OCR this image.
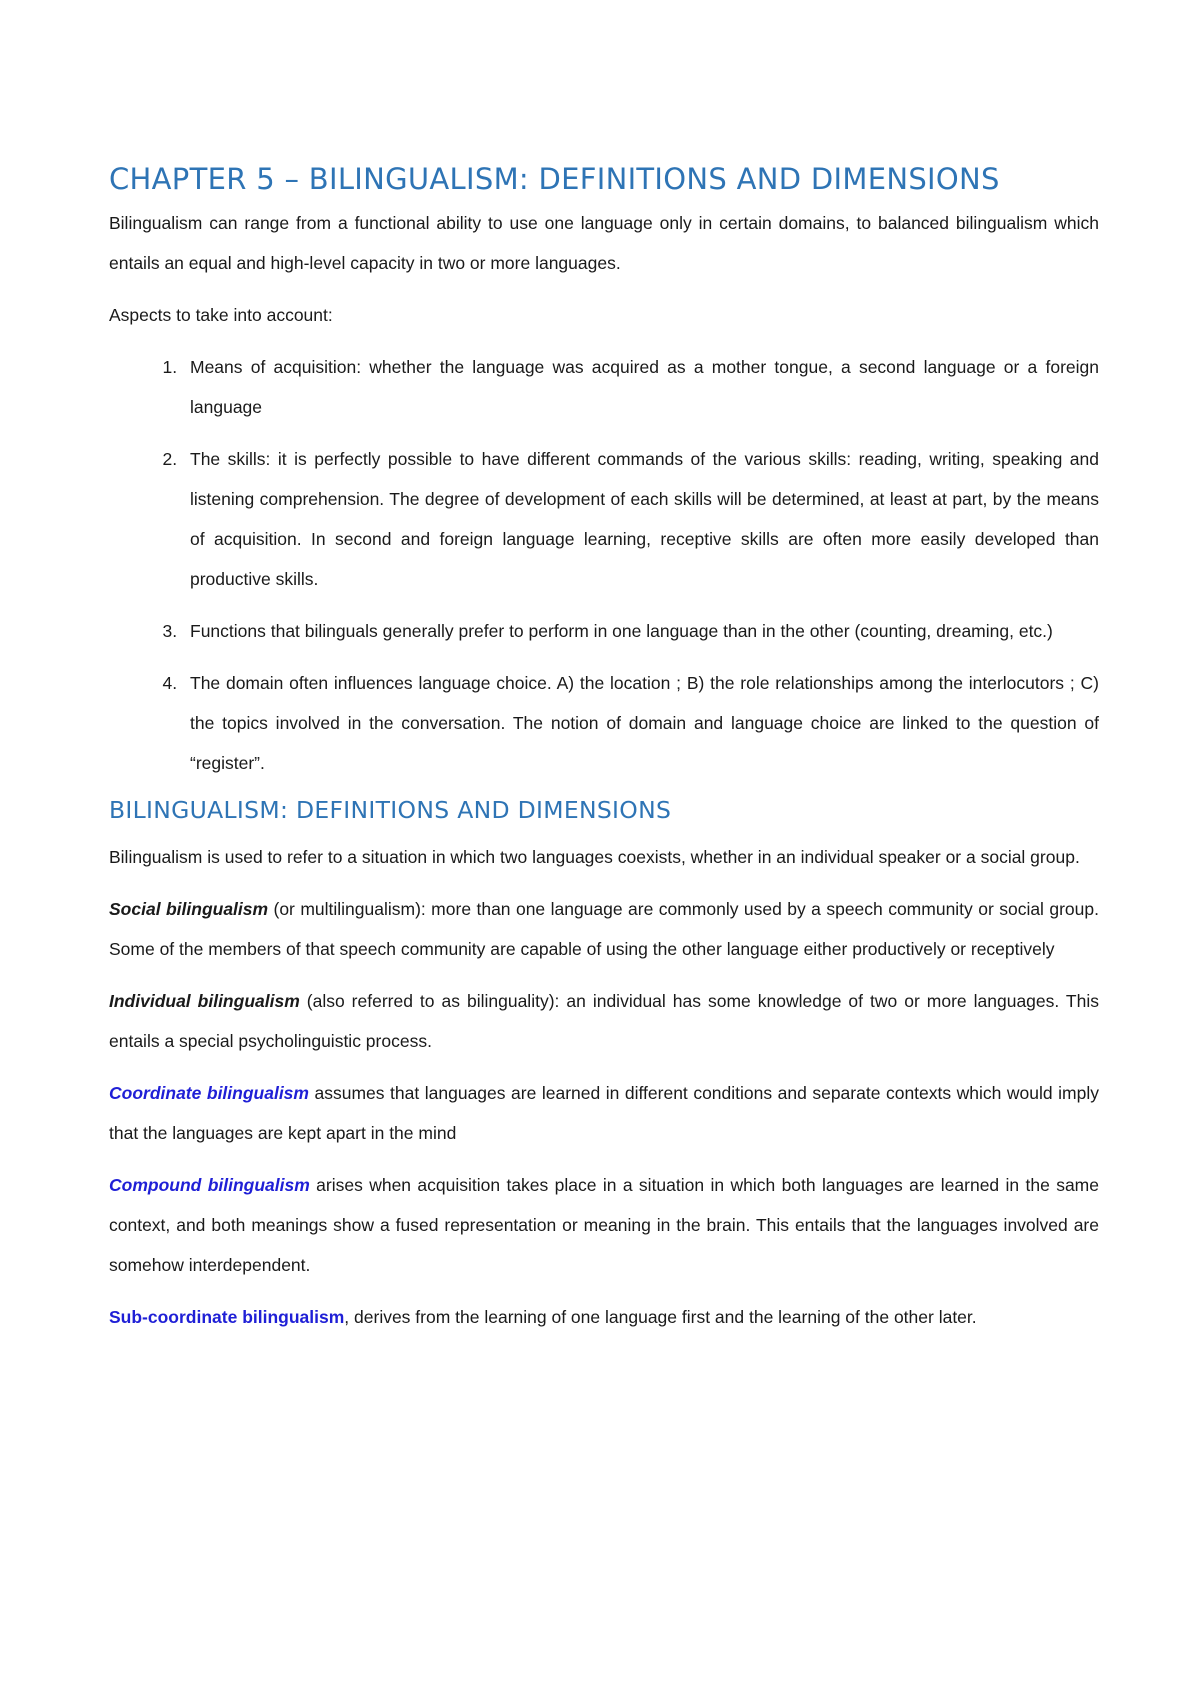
CHAPTER 5 – BILINGUALISM: DEFINITIONS AND DIMENSIONS

Bilingualism can range from a functional ability to use one language only in certain domains, to balanced bilingualism which entails an equal and high-level capacity in two or more languages.

Aspects to take into account:

1. Means of acquisition: whether the language was acquired as a mother tongue, a second language or a foreign language
2. The skills: it is perfectly possible to have different commands of the various skills: reading, writing, speaking and listening comprehension. The degree of development of each skills will be determined, at least at part, by the means of acquisition. In second and foreign language learning, receptive skills are often more easily developed than productive skills.
3. Functions that bilinguals generally prefer to perform in one language than in the other (counting, dreaming, etc.)
4. The domain often influences language choice. A) the location ; B) the role relationships among the interlocutors ; C) the topics involved in the conversation. The notion of domain and language choice are linked to the question of “register”.
BILINGUALISM: DEFINITIONS AND DIMENSIONS

Bilingualism is used to refer to a situation in which two languages coexists, whether in an individual speaker or a social group.

Social bilingualism (or multilingualism): more than one language are commonly used by a speech community or social group. Some of the members of that speech community are capable of using the other language either productively or receptively

Individual bilingualism (also referred to as bilinguality): an individual has some knowledge of two or more languages. This entails a special psycholinguistic process.

Coordinate bilingualism assumes that languages are learned in different conditions and separate contexts which would imply that the languages are kept apart in the mind

Compound bilingualism arises when acquisition takes place in a situation in which both languages are learned in the same context, and both meanings show a fused representation or meaning in the brain. This entails that the languages involved are somehow interdependent.

Sub-coordinate bilingualism, derives from the learning of one language first and the learning of the other later.
